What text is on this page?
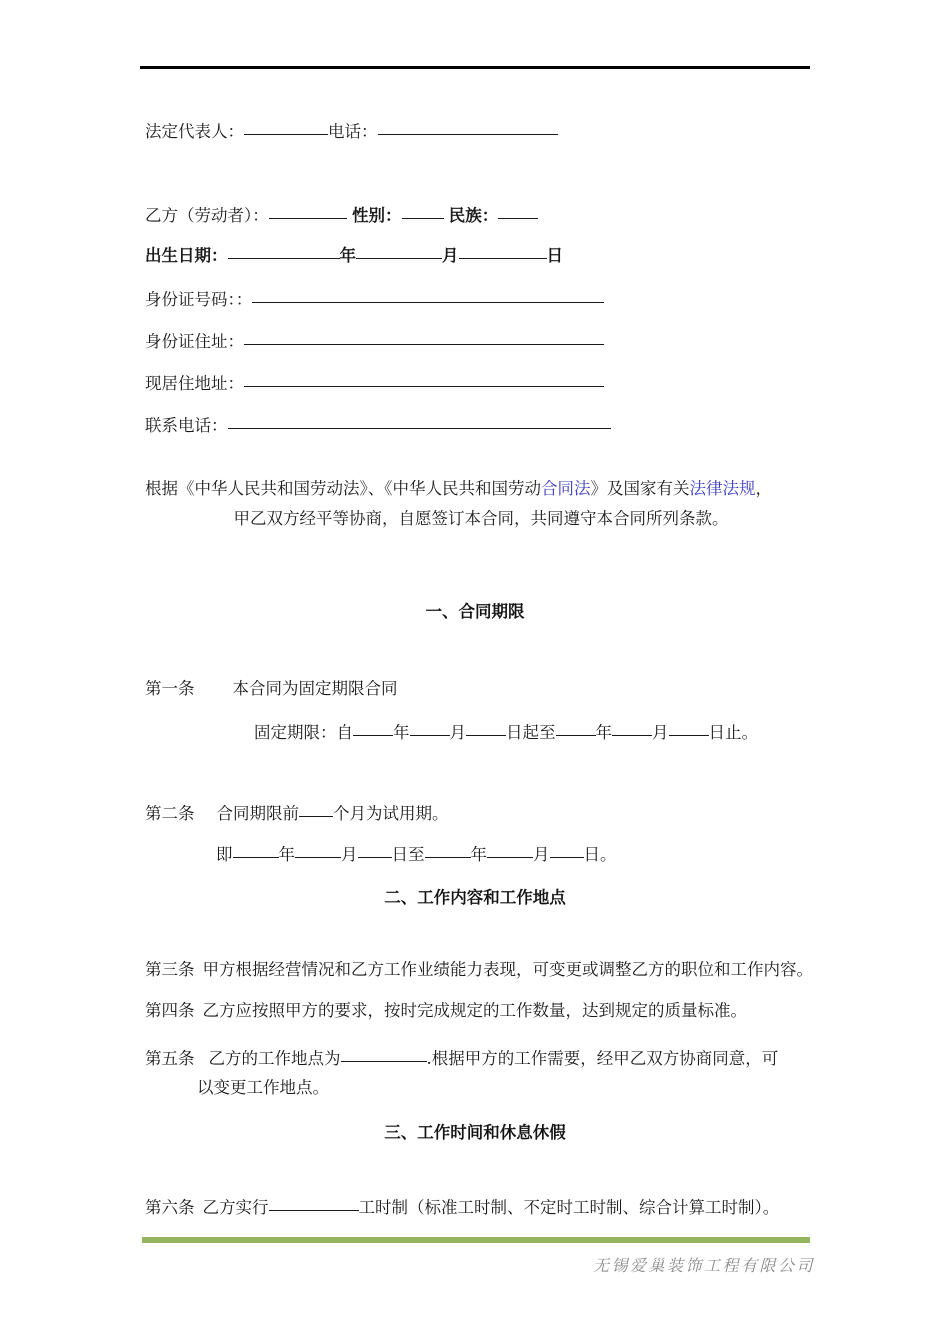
法定代表人：	电话：
乙方（劳动者）：	性别：	民族：
出生日期：	年	月	日
身份证号码：：
身份证住址：
现居住地址：
联系电话：
根据《中华人民共和国劳动法》、《中华人民共和国劳动合同法》及国家有关法律法规，
甲乙双方经平等协商，自愿签订本合同，共同遵守本合同所列条款。
一、合同期限
第一条 本合同为固定期限合同
固定期限：自 年 月 日起至 年 月 日止。
第二条 合同期限前 个月为试用期。
即	年	月 日至	年	月 日。
二、工作内容和工作地点
第三条 甲方根据经营情况和乙方工作业绩能力表现，可变更或调整乙方的职位和工作内容。
第四条 乙方应按照甲方的要求，按时完成规定的工作数量，达到规定的质量标准。
第五条 乙方的工作地点为	.根据甲方的工作需要，经甲乙双方协商同意，可
以变更工作地点。
三、工作时间和休息休假
第六条 乙方实行	工时制（标准工时制、不定时工时制、综合计算工时制）。
无锡爱巢装饰工程有限公司
